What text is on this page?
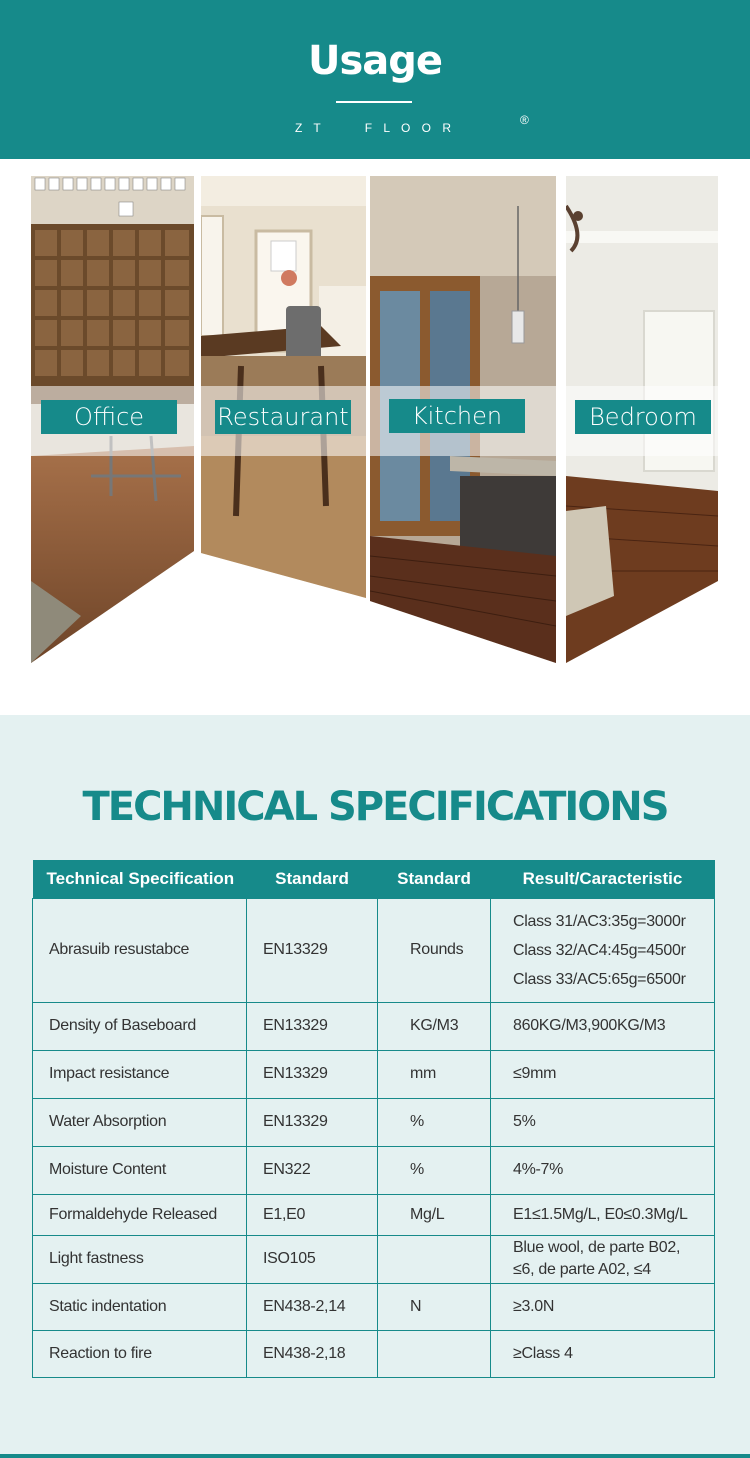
Usage
Z T	F L O O R
®
Office	Restaurant	Kitchen	Bedroom
TECHNICAL SPECIFICATIONS
Technical Specification	Standard	Standard	Result/Caracteristic
Abrasuib resustabce	EN13329	Rounds	Class 31/AC3:35g=3000r
Class 32/AC4:45g=4500r
Class 33/AC5:65g=6500r

Density of Baseboard	EN13329	KG/M3	860KG/M3,900KG/M3
Impact resistance	EN13329	mm	≤9mm
Water Absorption	EN13329	%	5%
Moisture Content	EN322	%	4%-7%
Formaldehyde Released	E1,E0	Mg/L	E1≤1.5Mg/L, E0≤0.3Mg/L
Light fastness	ISO105		Blue wool, de parte B02,
≤6, de parte A02, ≤4

Static indentation	EN438-2,14	N	≥3.0N
Reaction to fire	EN438-2,18		≥Class 4
